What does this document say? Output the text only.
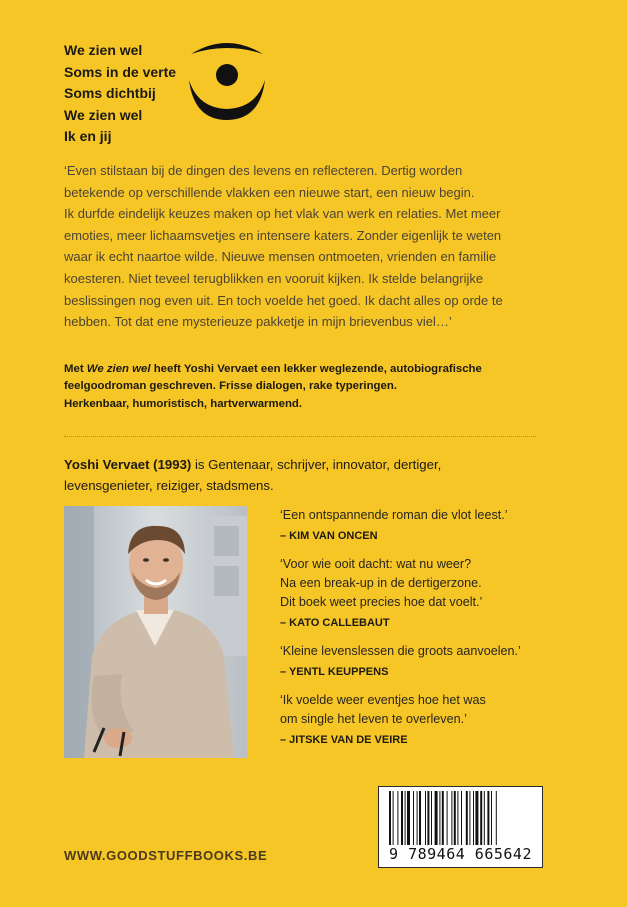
We zien wel
Soms in de verte
Soms dichtbij
We zien wel
Ik en jij
‘Even stilstaan bij de dingen des levens en reflecteren. Dertig worden
betekende op verschillende vlakken een nieuwe start, een nieuw begin.
Ik durfde eindelijk keuzes maken op het vlak van werk en relaties. Met meer
emoties, meer lichaamsvetjes en intensere katers. Zonder eigenlijk te weten
waar ik echt naartoe wilde. Nieuwe mensen ontmoeten, vrienden en familie
koesteren. Niet teveel terugblikken en vooruit kijken. Ik stelde belangrijke
beslissingen nog even uit. En toch voelde het goed. Ik dacht alles op orde te
hebben. Tot dat ene mysterieuze pakketje in mijn brievenbus viel…’
Met We zien wel heeft Yoshi Vervaet een lekker weglezende, autobiografische
feelgoodroman geschreven. Frisse dialogen, rake typeringen.
Herkenbaar, humoristisch, hartverwarmend.
Yoshi Vervaet (1993) is Gentenaar, schrijver, innovator, dertiger,
levensgenieter, reiziger, stadsmens.
‘Een ontspannende roman die vlot leest.’
– KIM VAN ONCEN
‘Voor wie ooit dacht: wat nu weer?
Na een break-up in de dertigerzone.
Dit boek weet precies hoe dat voelt.’
– KATO CALLEBAUT
‘Kleine levenslessen die groots aanvoelen.’
– YENTL KEUPPENS
‘Ik voelde weer eventjes hoe het was
om single het leven te overleven.’
– JITSKE VAN DE VEIRE
9 789464 665642
WWW.GOODSTUFFBOOKS.BE
